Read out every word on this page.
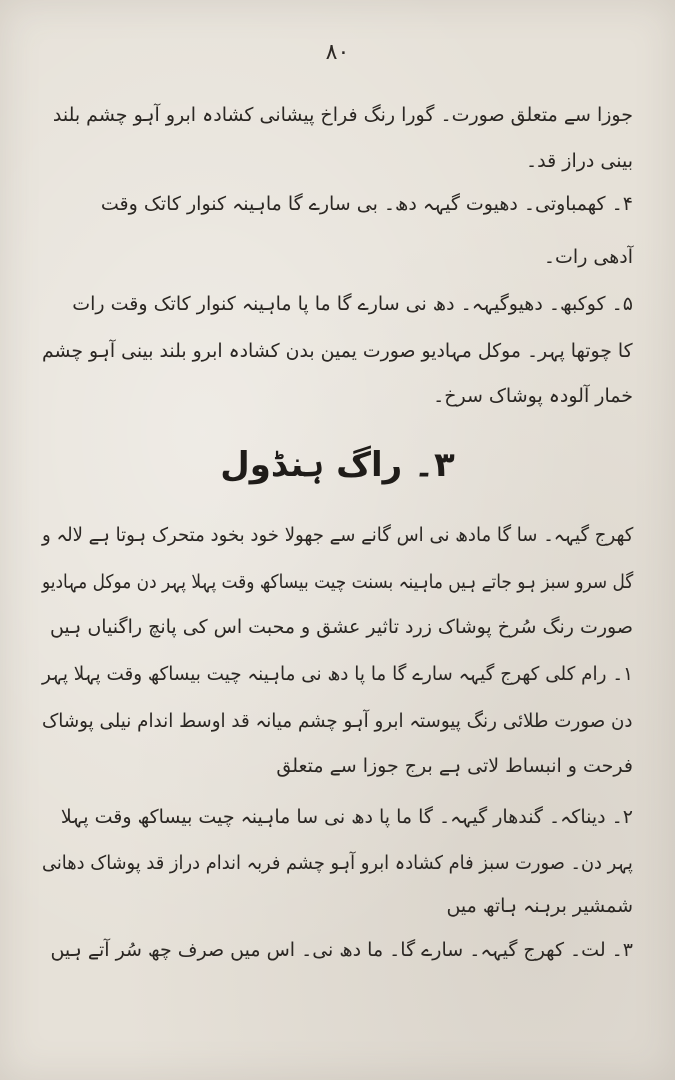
۸۰
جوزا سے متعلق صورت۔ گورا رنگ فراخ پیشانی کشادہ ابرو آہو چشم بلند
بینی دراز قد۔
۴۔ کھمباوتی۔ دھیوت گیہہ دھ۔ بی سارے گا ماہینہ کنوار کاتک وقت
آدھی رات۔
۵۔ کوکبھ۔ دھیوگیہہ۔ دھ نی سارے گا ما پا ماہینہ کنوار کاتک وقت رات
کا چوتھا پہر۔ موکل مہادیو صورت یمین بدن کشادہ ابرو بلند بینی آہو چشم
خمار آلودہ پوشاک سرخ۔
۳۔ راگ ہنڈول
کھرج گیہہ۔ سا گا مادھ نی اس گانے سے جھولا خود بخود متحرک ہوتا ہے لالہ و
گل سرو سبز ہو جاتے ہیں ماہینہ بسنت چیت بیساکھ وقت پہلا پہر دن موکل مہادیو
صورت رنگ سُرخ پوشاک زرد تاثیر عشق و محبت اس کی پانچ راگنیاں ہیں
۱۔ رام کلی کھرج گیہہ سارے گا ما پا دھ نی ماہینہ چیت بیساکھ وقت پہلا پہر
دن صورت طلائی رنگ پیوستہ ابرو آہو چشم میانہ قد اوسط اندام نیلی پوشاک
فرحت و انبساط لاتی ہے برج جوزا سے متعلق
۲۔ دیناکہ۔ گندھار گیہہ۔ گا ما پا دھ نی سا ماہینہ چیت بیساکھ وقت پہلا
پہر دن۔ صورت سبز فام کشادہ ابرو آہو چشم فربہ اندام دراز قد پوشاک دھانی
شمشیر برہنہ ہاتھ میں
۳۔ لت۔ کھرج گیہہ۔ سارے گا۔ ما دھ نی۔ اس میں صرف چھ سُر آتے ہیں
